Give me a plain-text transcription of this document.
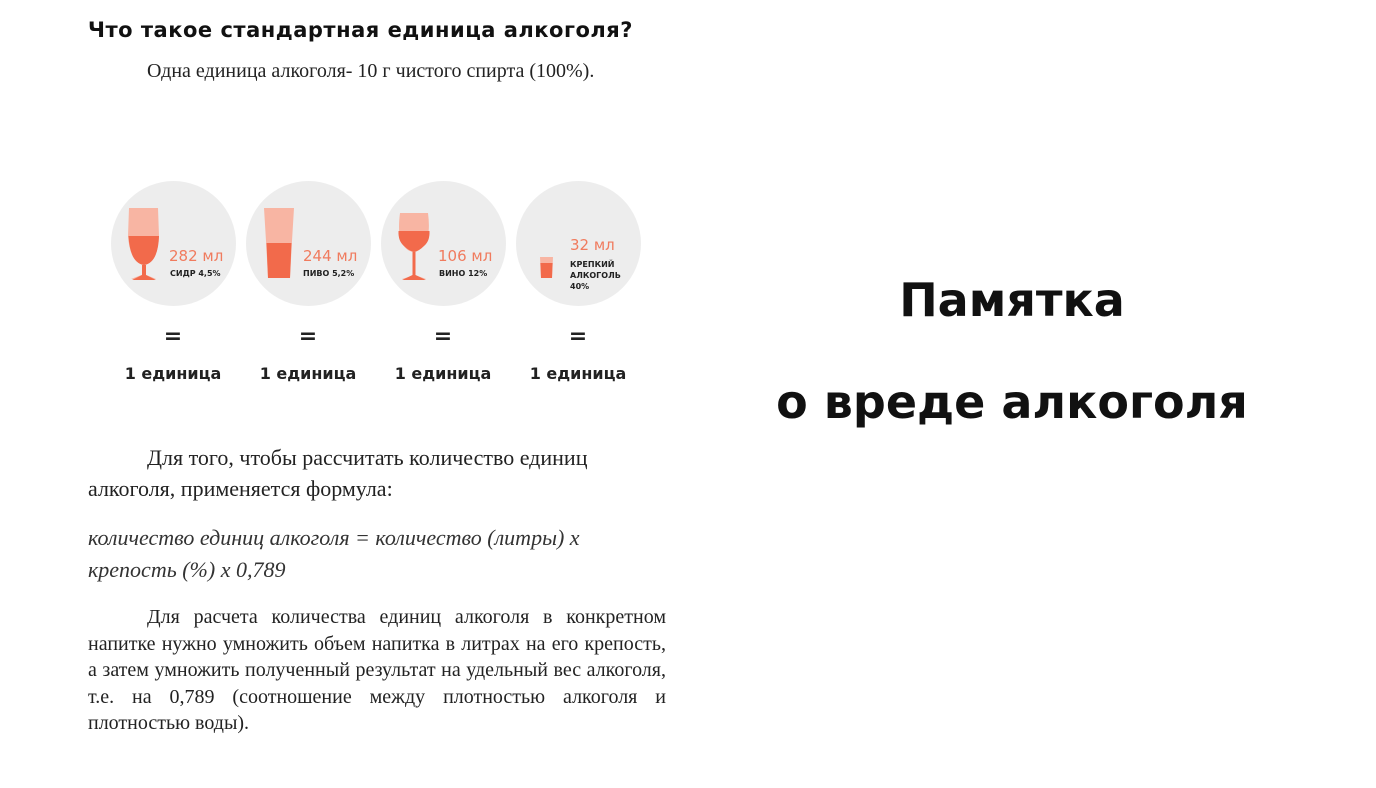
Что такое стандартная единица алкоголя?

Одна единица алкоголя- 10 г чистого спирта (100%).

282 мл
СИДР 4,5%
=
1 единица
244 мл
ПИВО 5,2%
=
1 единица
106 мл
ВИНО 12%
=
1 единица
32 мл
КРЕПКИЙ
АЛКОГОЛЬ
40%
=
1 единица

Для того, чтобы рассчитать количество единиц алкоголя, применяется формула:

количество единиц алкоголя = количество (литры) х крепость (%) х 0,789

Для расчета количества единиц алкоголя в конкретном напитке нужно умножить объем напитка в литрах на его крепость, а затем умножить полученный результат на удельный вес алкоголя, т.е. на 0,789 (соотношение между плотностью алкоголя и плотностью воды).

Памятка
о вреде алкоголя
